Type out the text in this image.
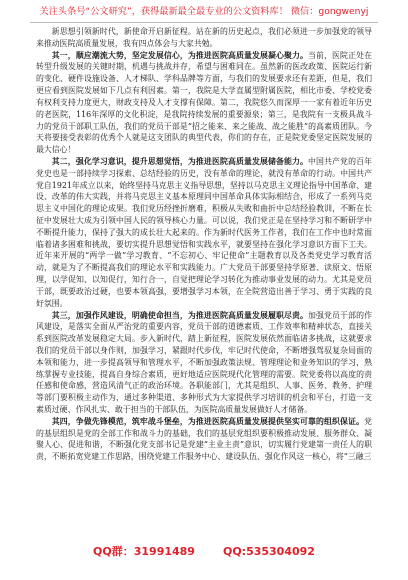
关注头条号“公文研究”，获得最新最全最专业的公文资料库！ 微信：gongwenyj

新思想引领新时代，新使命开启新征程。站在新的历史起点，我们必须进一步加强党的领导来推动医院高质量发展，我有四点体会与大家共勉。

其一，顺应潮流大势，坚定发展信心，为推进医院高质量发展凝心聚力。当前，医院正处在转型升级发展的关键时期，机遇与挑战并存，希望与困难同在。虽然新的医改政策、医院运行新的变化、硬件设施设备、人才梯队、学科品牌等方面，与我们的发展要求还有差距，但是，我们更应看到医院发展如下几点有利因素。第一，我院是大学直属型附属医院，相比市委、学校党委有权利支持力度更大，财政支持及人才支撑有保障。第二，我院悠久而深厚一一家有着近年历史的老医院，116年深厚的文化积淀，是我院持续发展的重要源泉；第三，是我院有一支极具战斗力的党员干部职工队伍，我们的党员干部是“招之能来、来之能战、战之能胜”的高素质团队。今天将要接受表彰的优秀个人就是这支团队的典型代表，你们的存在，正是院党委坚定医院发展的最大信心！

其二，强化学习意识，提升思想觉悟，为推进医院高质量发展储备能力。中国共产党的百年党史也是一部持续学习探索、总结经验的历史，没有革命的理论，就没有革命的行动。中国共产党自1921年成立以来，始终坚持马克思主义指导思想，坚持以马克思主义理论指导中国革命、建设、改革的伟大实践，并将马克思主义基本原理同中国革命具体实际相结合，形成了一系列马克思主义中国化的理论成果。我们党历经挫折磨难，积极从失败和曲折中总结经验教训，不断在长征中发展壮大成为引领中国人民的领导核心力量。可以说，我们党正是在坚持学习和不断研学中不断提升能力，保持了强大的成长壮大起来的。作为新时代医务工作者，我们在工作中也时常面临着诸多困难和挑战，要切实提升思想觉悟和实践水平，就要坚持在强化学习意识方面下工夫。近年来开展的“两学一做”学习教育、“不忘初心、牢记使命”主题教育以及各类党史学习教育活动，就是为了不断提高我们的理论水平和实践能力。广大党员干部要坚持学原著、读原文、悟原理，以学促知、以知促行，知行合一，自觉把理论学习转化为推动事业发展的动力。尤其是党员干部，既要政治过硬，也要本领高强，要增强学习本领，在全院营造出善于学习、勇于实践的良好氛围。

其三，加强作风建设，明确使命担当，为推进医院高质量发展履职尽责。加强党员干部的作风建设，是落实全面从严治党的重要内容，党员干部的道德素质、工作效率和精神状态，直接关系到医院改革发展稳定大局。步入新时代，踏上新征程，医院发展依然面临诸多挑战，这就要求我们的党员干部以身作则，加强学习，紧跟时代步伐，牢记时代使命，不断增强驾驭复杂局面的本领和能力，进一步提高领导和管理水平，不断加强政策法规、管理理论和业务知识的学习，熟练掌握专业技能，提高自身综合素质，更好地适应医院现代化管理的需要。院党委将以高度的责任感和使命感，营造风清气正的政治环境。各职能部门，尤其是组织、人事、医务、教务、护理等部门要积极主动作为，通过多种渠道、多种形式为大家提供学习培训的机会和平台，打造一支素质过硬、作风扎实、敢于担当的干部队伍，为医院高质量发展做好人才储备。

其四，争做先锋模范，筑牢战斗堡垒，为推进医院高质量发展提供坚实可靠的组织保证。党的基层组织是党的全部工作和战斗力的基础，我们的基层党组织要积极推动发展、服务群众、凝聚人心、促进和谐，不断强化党支部书记是党建“主业主责”意识，切实履行党建第一责任人的职责，不断拓宽党建工作思路，围绕党建工作服务中心、建设队伍、强化作风这一核心，将“三融三

QQ群：31991489	QQ:535304092
